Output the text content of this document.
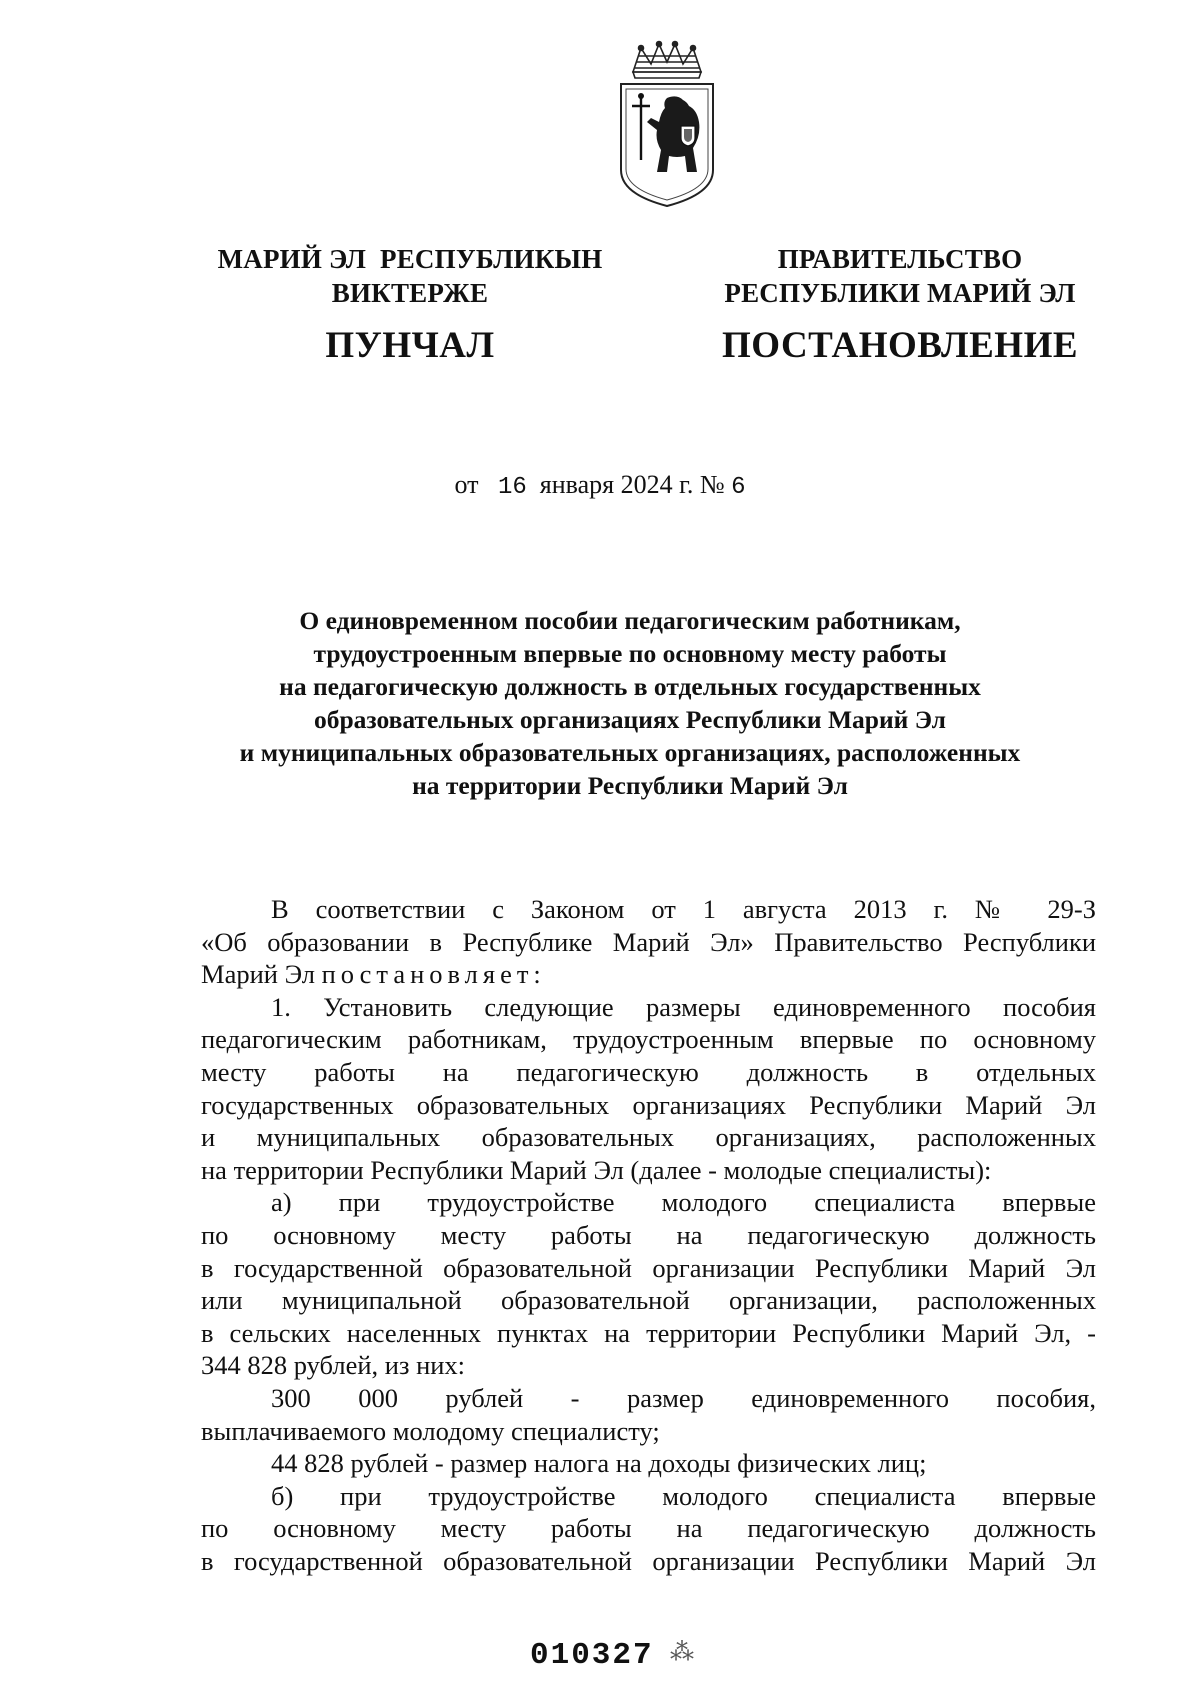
МАРИЙ ЭЛ  РЕСПУБЛИКЫН
ВИКТЕРЖЕ
ПУНЧАЛ
ПРАВИТЕЛЬСТВО
РЕСПУБЛИКИ МАРИЙ ЭЛ
ПОСТАНОВЛЕНИЕ
от 16 января 2024 г. № 6
О единовременном пособии педагогическим работникам,
трудоустроенным впервые по основному месту работы
на педагогическую должность в отдельных государственных
образовательных организациях Республики Марий Эл
и муниципальных образовательных организациях, расположенных
на территории Республики Марий Эл
В соответствии с Законом от 1 августа 2013 г. № 29-З
«Об образовании в Республике Марий Эл» Правительство Республики
Марий Эл постановляет:
1. Установить следующие размеры единовременного пособия
педагогическим работникам, трудоустроенным впервые по основному
месту работы на педагогическую должность в отдельных
государственных образовательных организациях Республики Марий Эл
и муниципальных образовательных организациях, расположенных
на территории Республики Марий Эл (далее - молодые специалисты):
а) при трудоустройстве молодого специалиста впервые
по основному месту работы на педагогическую должность
в государственной образовательной организации Республики Марий Эл
или муниципальной образовательной организации, расположенных
в сельских населенных пунктах на территории Республики Марий Эл, -
344 828 рублей, из них:
300 000 рублей - размер единовременного пособия,
выплачиваемого молодому специалисту;
44 828 рублей - размер налога на доходы физических лиц;
б) при трудоустройстве молодого специалиста впервые
по основному месту работы на педагогическую должность
в государственной образовательной организации Республики Марий Эл
010327 ⁂
